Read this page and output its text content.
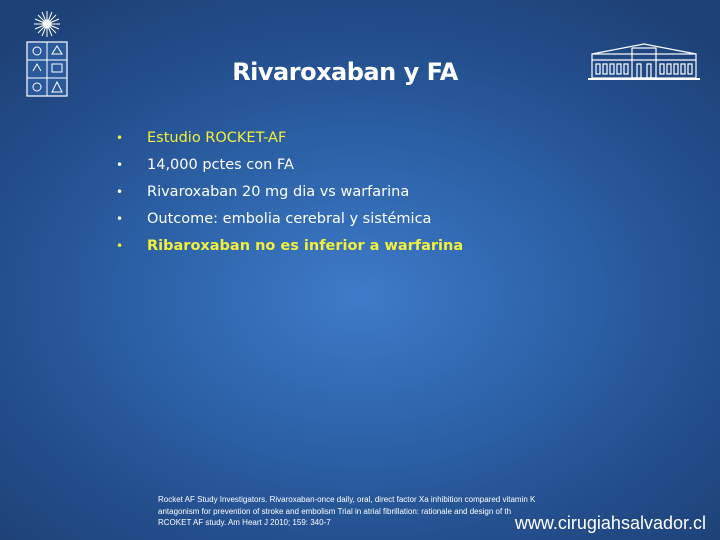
Rivaroxaban y FA
•	Estudio ROCKET-AF
•	14,000 pctes con FA
•	Rivaroxaban 20 mg dia vs warfarina
•	Outcome: embolia cerebral y sistémica
•	Ribaroxaban no es inferior a warfarina
Rocket AF Study Investigators. Rivaroxaban-once daily, oral, direct factor Xa inhibition compared vitamin K
antagonism for prevention of stroke and embolism Trial in atrial fibrillation: rationale and design of th
RCOKET AF study. Am Heart J 2010; 159: 340-7	www.cirugiahsalvador.cl
